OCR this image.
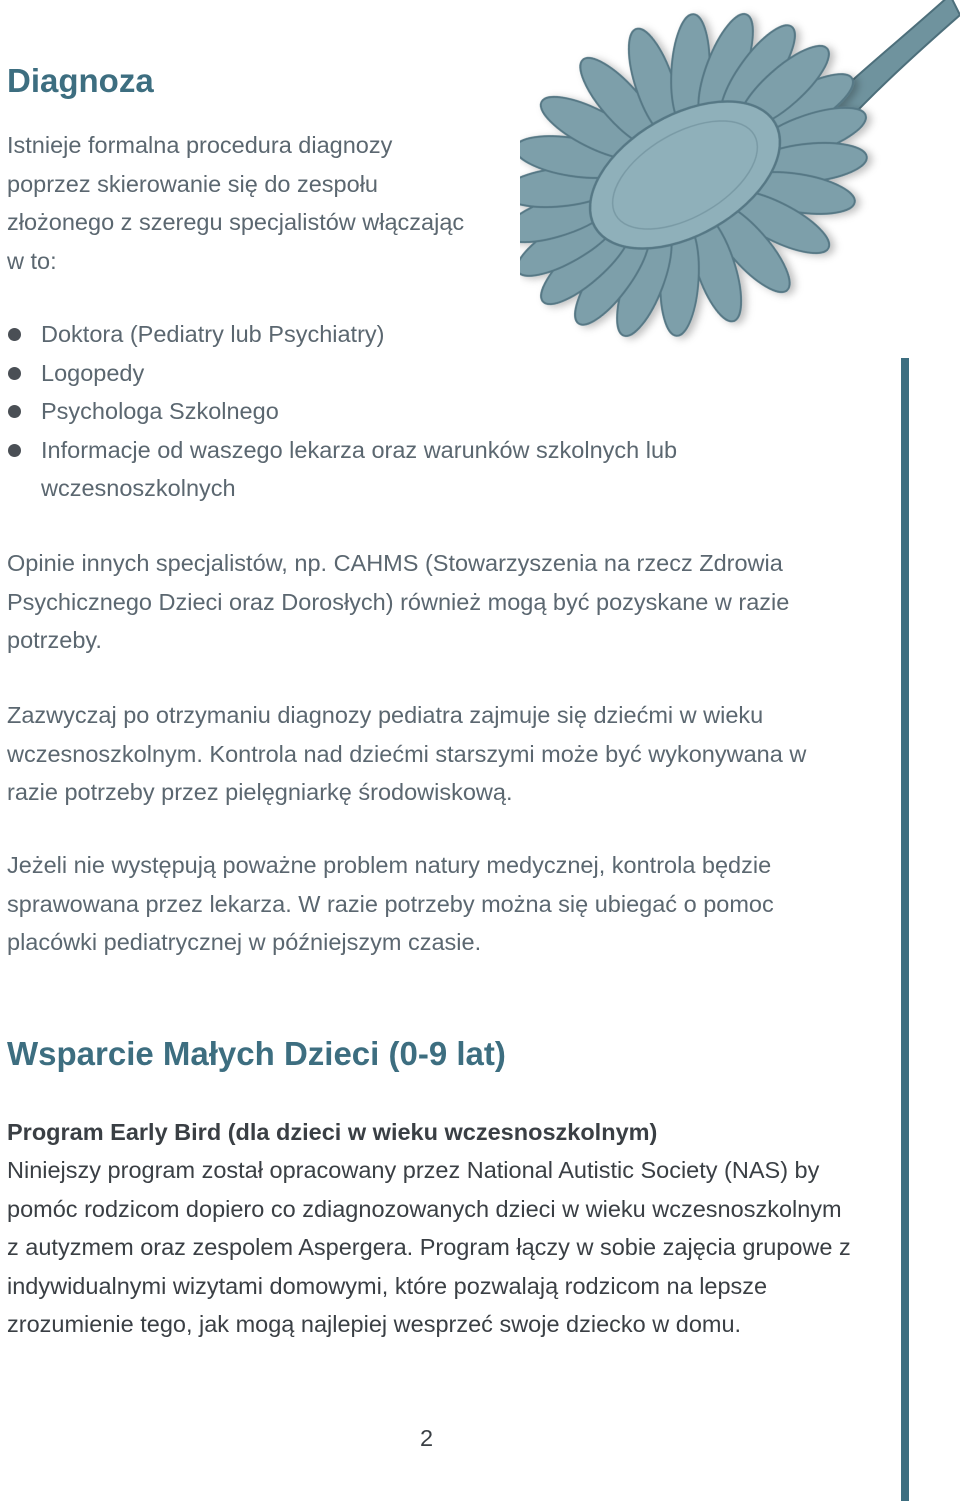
Diagnoza

Istnieje formalna procedura diagnozy poprzez skierowanie się do zespołu złożonego z szeregu specjalistów włączając w to:

Doktora (Pediatry lub Psychiatry)
Logopedy
Psychologa Szkolnego
Informacje od waszego lekarza oraz warunków szkolnych lub wczesnoszkolnych

Opinie innych specjalistów, np. CAHMS (Stowarzyszenia na rzecz Zdrowia Psychicznego Dzieci oraz Dorosłych) również mogą być pozyskane w razie potrzeby.

Zazwyczaj po otrzymaniu diagnozy pediatra zajmuje się dziećmi w wieku wczesnoszkolnym. Kontrola nad dziećmi starszymi może być wykonywana w razie potrzeby przez pielęgniarkę środowiskową.

Jeżeli nie występują poważne problem natury medycznej, kontrola będzie sprawowana przez lekarza. W razie potrzeby można się ubiegać o pomoc placówki pediatrycznej w późniejszym czasie.

Wsparcie Małych Dzieci (0-9 lat)

Program Early Bird (dla dzieci w wieku wczesnoszkolnym)

Niniejszy program został opracowany przez National Autistic Society (NAS) by pomóc rodzicom dopiero co zdiagnozowanych dzieci w wieku wczesnoszkolnym z autyzmem oraz zespolem Aspergera. Program łączy w sobie zajęcia grupowe z indywidualnymi wizytami domowymi, które pozwalają rodzicom na lepsze zrozumienie tego, jak mogą najlepiej wesprzeć swoje dziecko w domu.

2
